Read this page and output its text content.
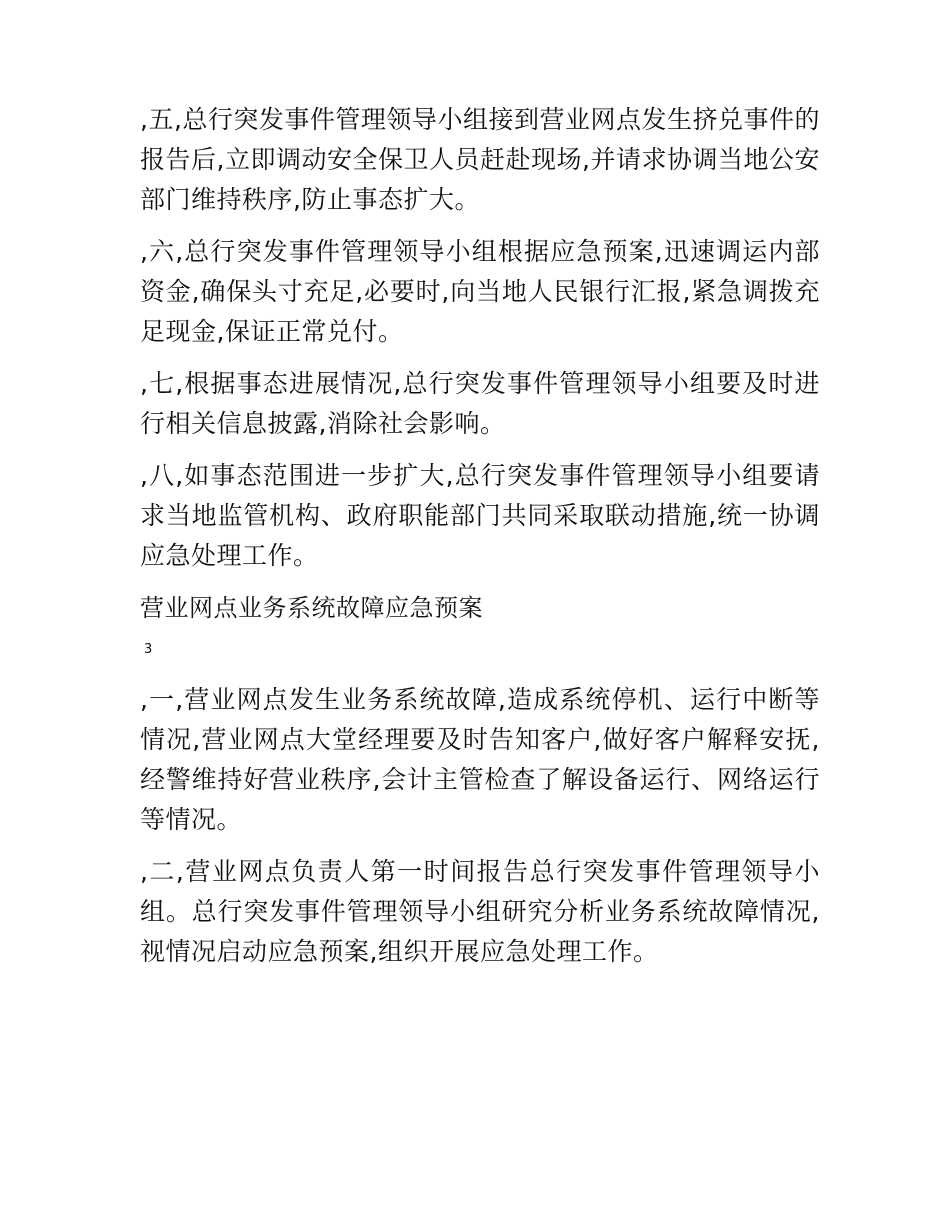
,五,总行突发事件管理领导小组接到营业网点发生挤兑事件的报告后,立即调动安全保卫人员赶赴现场,并请求协调当地公安部门维持秩序,防止事态扩大。

,六,总行突发事件管理领导小组根据应急预案,迅速调运内部资金,确保头寸充足,必要时,向当地人民银行汇报,紧急调拨充足现金,保证正常兑付。

,七,根据事态进展情况,总行突发事件管理领导小组要及时进行相关信息披露,消除社会影响。

,八,如事态范围进一步扩大,总行突发事件管理领导小组要请求当地监管机构、政府职能部门共同采取联动措施,统一协调应急处理工作。

营业网点业务系统故障应急预案

3

,一,营业网点发生业务系统故障,造成系统停机、运行中断等情况,营业网点大堂经理要及时告知客户,做好客户解释安抚,经警维持好营业秩序,会计主管检查了解设备运行、网络运行等情况。

,二,营业网点负责人第一时间报告总行突发事件管理领导小组。总行突发事件管理领导小组研究分析业务系统故障情况,视情况启动应急预案,组织开展应急处理工作。
